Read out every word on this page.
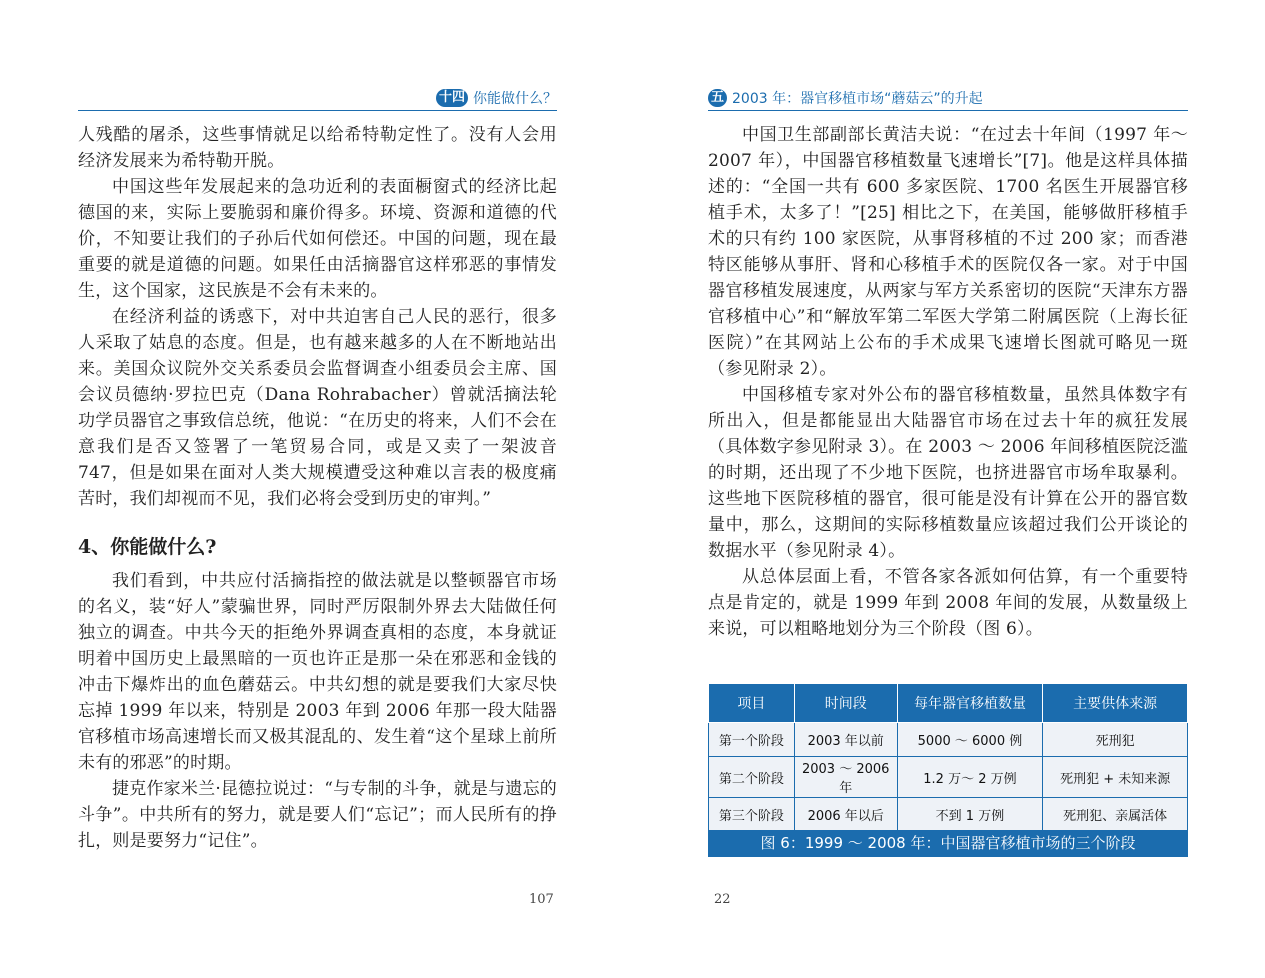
十四 你能做什么？

人残酷的屠杀，这些事情就足以给希特勒定性了。没有人会用经济发展来为希特勒开脱。

中国这些年发展起来的急功近利的表面橱窗式的经济比起德国的来，实际上要脆弱和廉价得多。环境、资源和道德的代价，不知要让我们的子孙后代如何偿还。中国的问题，现在最重要的就是道德的问题。如果任由活摘器官这样邪恶的事情发生，这个国家，这民族是不会有未来的。

在经济利益的诱惑下，对中共迫害自己人民的恶行，很多人采取了姑息的态度。但是，也有越来越多的人在不断地站出来。美国众议院外交关系委员会监督调查小组委员会主席、国会议员德纳·罗拉巴克（Dana Rohrabacher）曾就活摘法轮功学员器官之事致信总统，他说：“在历史的将来，人们不会在意我们是否又签署了一笔贸易合同，或是又卖了一架波音 747，但是如果在面对人类大规模遭受这种难以言表的极度痛苦时，我们却视而不见，我们必将会受到历史的审判。”

4、你能做什么?

我们看到，中共应付活摘指控的做法就是以整顿器官市场的名义，装“好人”蒙骗世界，同时严厉限制外界去大陆做任何独立的调查。中共今天的拒绝外界调查真相的态度，本身就证明着中国历史上最黑暗的一页也许正是那一朵在邪恶和金钱的冲击下爆炸出的血色蘑菇云。中共幻想的就是要我们大家尽快忘掉 1999 年以来，特别是 2003 年到 2006 年那一段大陆器官移植市场高速增长而又极其混乱的、发生着“这个星球上前所未有的邪恶”的时期。

捷克作家米兰·昆德拉说过：“与专制的斗争，就是与遗忘的斗争”。中共所有的努力，就是要人们“忘记”；而人民所有的挣扎，则是要努力“记住”。

107
五 2003 年：器官移植市场“蘑菇云”的升起

中国卫生部副部长黄洁夫说：“在过去十年间（1997 年～ 2007 年），中国器官移植数量飞速增长”[7]。他是这样具体描述的：“全国一共有 600 多家医院、1700 名医生开展器官移植手术，太多了！”[25] 相比之下，在美国，能够做肝移植手术的只有约 100 家医院，从事肾移植的不过 200 家；而香港特区能够从事肝、肾和心移植手术的医院仅各一家。对于中国器官移植发展速度，从两家与军方关系密切的医院“天津东方器官移植中心”和“解放军第二军医大学第二附属医院（上海长征医院）”在其网站上公布的手术成果飞速增长图就可略见一斑（参见附录 2）。

中国移植专家对外公布的器官移植数量，虽然具体数字有所出入，但是都能显出大陆器官市场在过去十年的疯狂发展（具体数字参见附录 3）。在 2003 ～ 2006 年间移植医院泛滥的时期，还出现了不少地下医院，也挤进器官市场牟取暴利。这些地下医院移植的器官，很可能是没有计算在公开的器官数量中，那么，这期间的实际移植数量应该超过我们公开谈论的数据水平（参见附录 4）。

从总体层面上看，不管各家各派如何估算，有一个重要特点是肯定的，就是 1999 年到 2008 年间的发展，从数量级上来说，可以粗略地划分为三个阶段（图 6）。

项目	时间段	每年器官移植数量	主要供体来源
第一个阶段	2003 年以前	5000 ～ 6000 例	死刑犯
第二个阶段	2003 ～ 2006 年	1.2 万～ 2 万例	死刑犯 + 未知来源
第三个阶段	2006 年以后	不到 1 万例	死刑犯、亲属活体
图 6：1999 ～ 2008 年：中国器官移植市场的三个阶段
22
